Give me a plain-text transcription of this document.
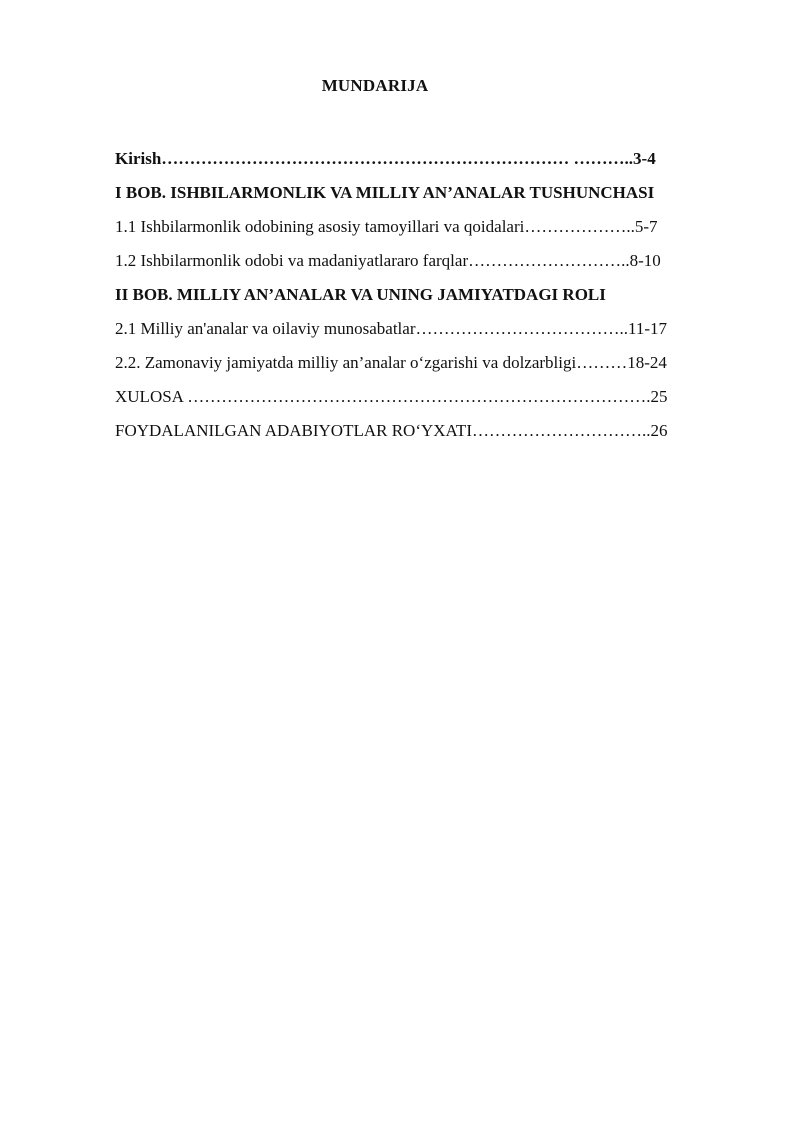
MUNDARIJA
Kirish……………………………………………………………… ………..3-4
I BOB. ISHBILARMONLIK VA MILLIY AN’ANALAR TUSHUNCHASI
1.1 Ishbilarmonlik odobining asosiy tamoyillari va qoidalari………………..5-7
1.2 Ishbilarmonlik odobi va madaniyatlararo farqlar………………………..8-10
II BOB. MILLIY AN’ANALAR VA UNING JAMIYATDAGI ROLI
2.1 Milliy an'analar va oilaviy munosabatlar………………………………..11-17
2.2. Zamonaviy jamiyatda milliy an’analar o‘zgarishi va dolzarbligi………18-24
XULOSA ……………………………………………………………………….25
FOYDALANILGAN ADABIYOTLAR RO‘YXATI…………………………..26
